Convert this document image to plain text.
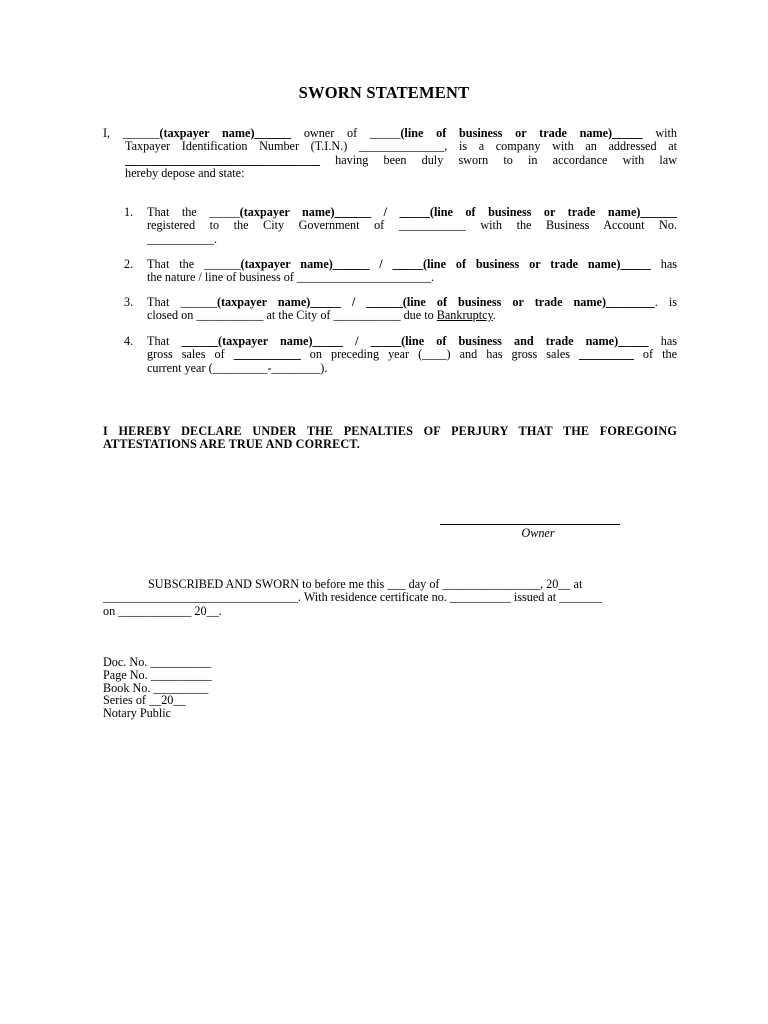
SWORN STATEMENT
I, ______(taxpayer name)______ owner of _____(line of business or trade name)_____ with
Taxpayer Identification Number (T.I.N.) ______________, is a company with an addressed at
________________________________ having been duly sworn to in accordance with law
hereby depose and state:
1.	That the _____(taxpayer name)______ / _____(line of business or trade name)______
registered to the City Government of ___________ with the Business Account No.
___________.
2.	That the ______(taxpayer name)______ / _____(line of business or trade name)_____ has
the nature / line of business of ______________________.
3.	That ______(taxpayer name)_____ / ______(line of business or trade name)________. is
closed on ___________ at the City of ___________ due to Bankruptcy.
4.	That ______(taxpayer name)_____ / _____(line of business and trade name)_____ has
gross sales of ___________ on preceding year (____) and has gross sales _________ of the
current year (_________-________).
I HEREBY DECLARE UNDER THE PENALTIES OF PERJURY THAT THE FOREGOING ATTESTATIONS ARE TRUE AND CORRECT.
Owner
SUBSCRIBED AND SWORN to before me this ___ day of ________________, 20__ at
________________________________. With residence certificate no. __________ issued at _______
on ____________ 20__.
Doc. No. __________
Page No. __________
Book No. _________
Series of __20__
Notary Public
